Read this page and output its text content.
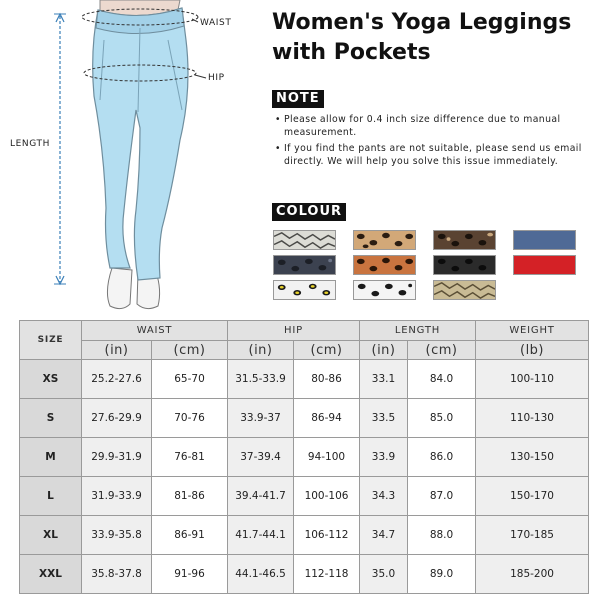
WAIST
HIP
LENGTH
Women's Yoga Leggings
with Pockets
NOTE
• Please allow for 0.4 inch size difference due to manual measurement.
• If you find the pants are not suitable, please send us email directly. We will help you solve this issue immediately.
COLOUR
SIZE	WAIST		HIP		LENGTH		WEIGHT
	(in)	(cm)	(in)	(cm)	(in)	(cm)	(lb)
XS	25.2-27.6	65-70	31.5-33.9	80-86	33.1	84.0	100-110
S	27.6-29.9	70-76	33.9-37	86-94	33.5	85.0	110-130
M	29.9-31.9	76-81	37-39.4	94-100	33.9	86.0	130-150
L	31.9-33.9	81-86	39.4-41.7	100-106	34.3	87.0	150-170
XL	33.9-35.8	86-91	41.7-44.1	106-112	34.7	88.0	170-185
XXL	35.8-37.8	91-96	44.1-46.5	112-118	35.0	89.0	185-200
